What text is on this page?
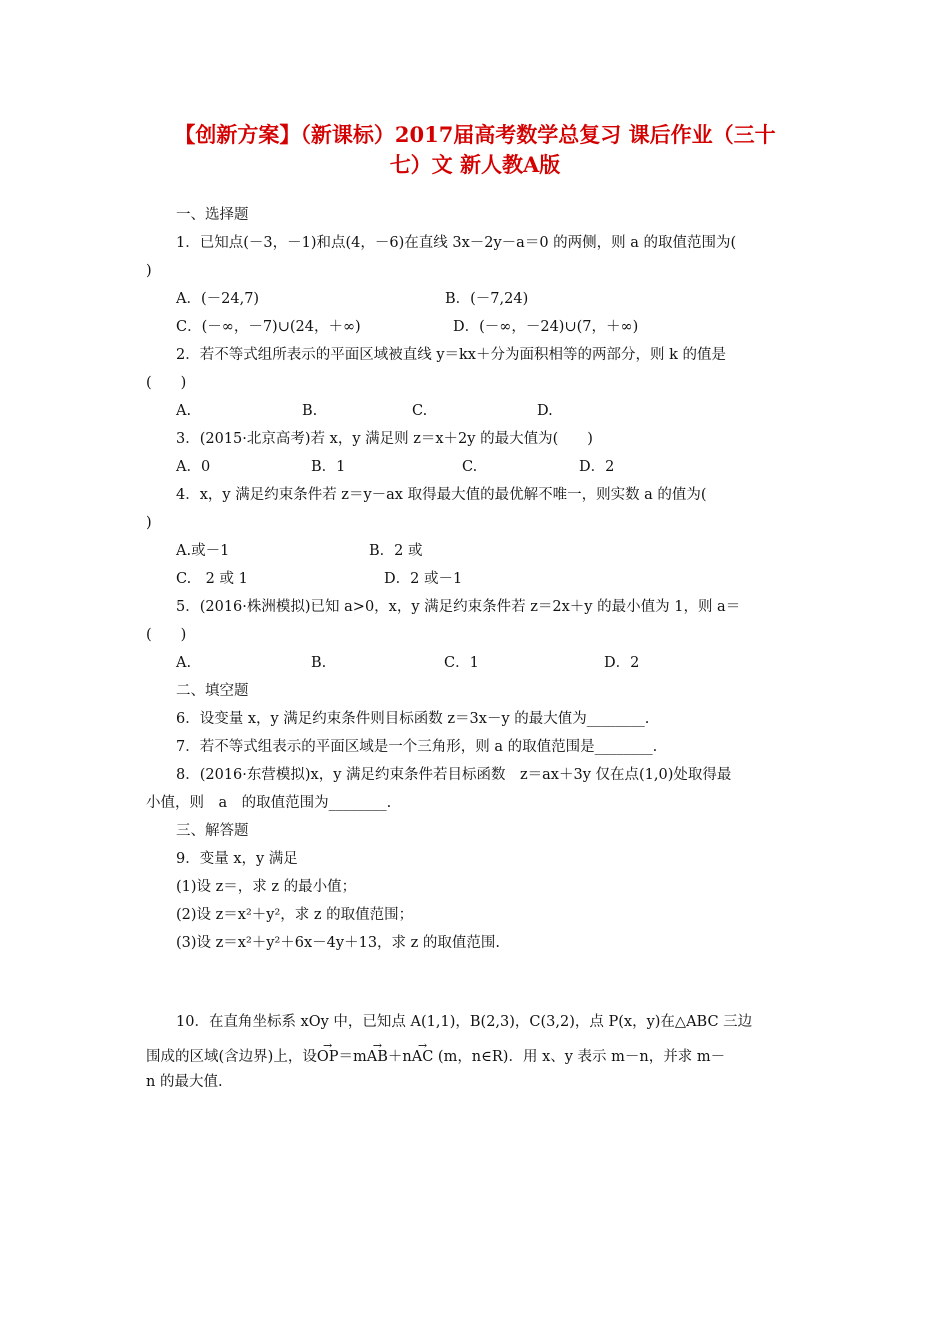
【创新方案】（新课标）2017届高考数学总复习 课后作业（三十
七）文 新人教A版
一、选择题
1．已知点(－3，－1)和点(4，－6)在直线 3x－2y－a＝0 的两侧，则 a 的取值范围为(
)
A．(－24,7)	B．(－7,24)
C．(－∞，－7)∪(24，＋∞)	D．(－∞，－24)∪(7，＋∞)
2．若不等式组所表示的平面区域被直线 y＝kx＋分为面积相等的两部分，则 k 的值是
(　　)
A.	B.	C.	D.
3．(2015·北京高考)若 x，y 满足则 z＝x＋2y 的最大值为(　　)
A．0	B．1	C.	D．2
4．x，y 满足约束条件若 z＝y－ax 取得最大值的最优解不唯一，则实数 a 的值为(
)
A.或－1	B．2 或
C.　2 或 1	D．2 或－1
5．(2016·株洲模拟)已知 a>0，x，y 满足约束条件若 z＝2x＋y 的最小值为 1，则 a＝
(　　)
A.	B.	C．1	D．2
二、填空题
6．设变量 x，y 满足约束条件则目标函数 z＝3x－y 的最大值为________.
7．若不等式组表示的平面区域是一个三角形，则 a 的取值范围是________.
8．(2016·东营模拟)x，y 满足约束条件若目标函数　z＝ax＋3y 仅在点(1,0)处取得最
小值，则　a　的取值范围为________.
三、解答题
9．变量 x，y 满足
(1)设 z＝，求 z 的最小值；
(2)设 z＝x²＋y²，求 z 的取值范围；
(3)设 z＝x²＋y²＋6x－4y＋13，求 z 的取值范围.
10．在直角坐标系 xOy 中，已知点 A(1,1)，B(2,3)，C(3,2)，点 P(x，y)在△ABC 三边
围成的区域(含边界)上，设→ OP＝m→ AB＋n→ AC (m，n∈R)．用 x、y 表示 m－n，并求 m－
n 的最大值.
